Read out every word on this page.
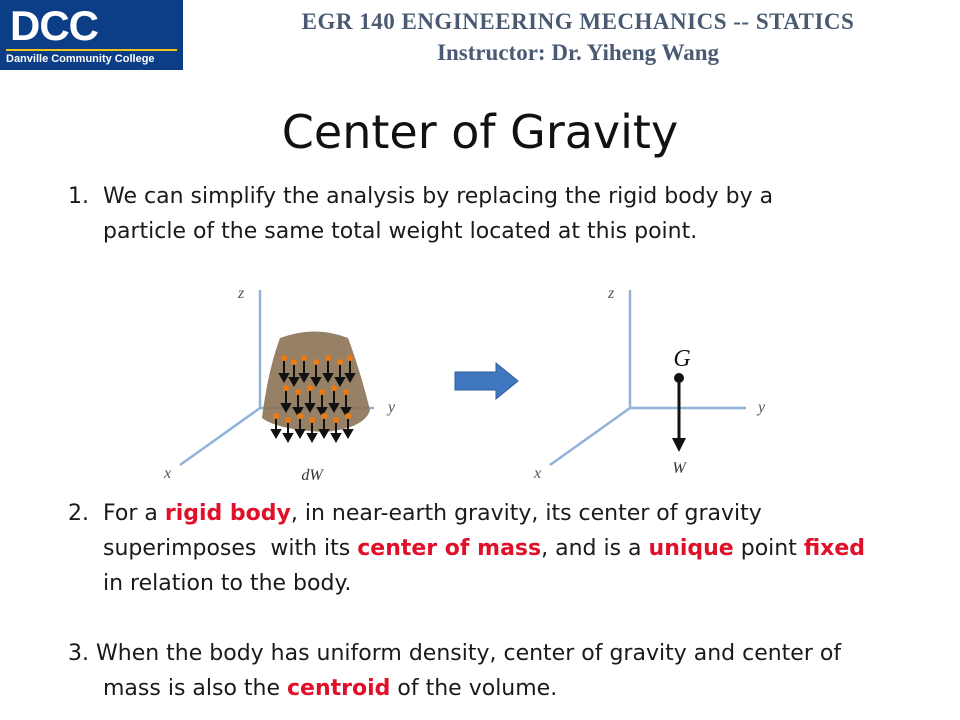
DCC
Danville Community College
EGR 140 ENGINEERING MECHANICS -- STATICS
Instructor: Dr. Yiheng Wang
Center of Gravity
1. We can simplify the analysis by replacing the rigid body by a
particle of the same total weight located at this point.
z
y
x	dW
z
y
x
G
W
2. For a rigid body, in near-earth gravity, its center of gravity
superimposes  with its center of mass, and is a unique point fixed
in relation to the body.
3. When the body has uniform density, center of gravity and center of
mass is also the centroid of the volume.
